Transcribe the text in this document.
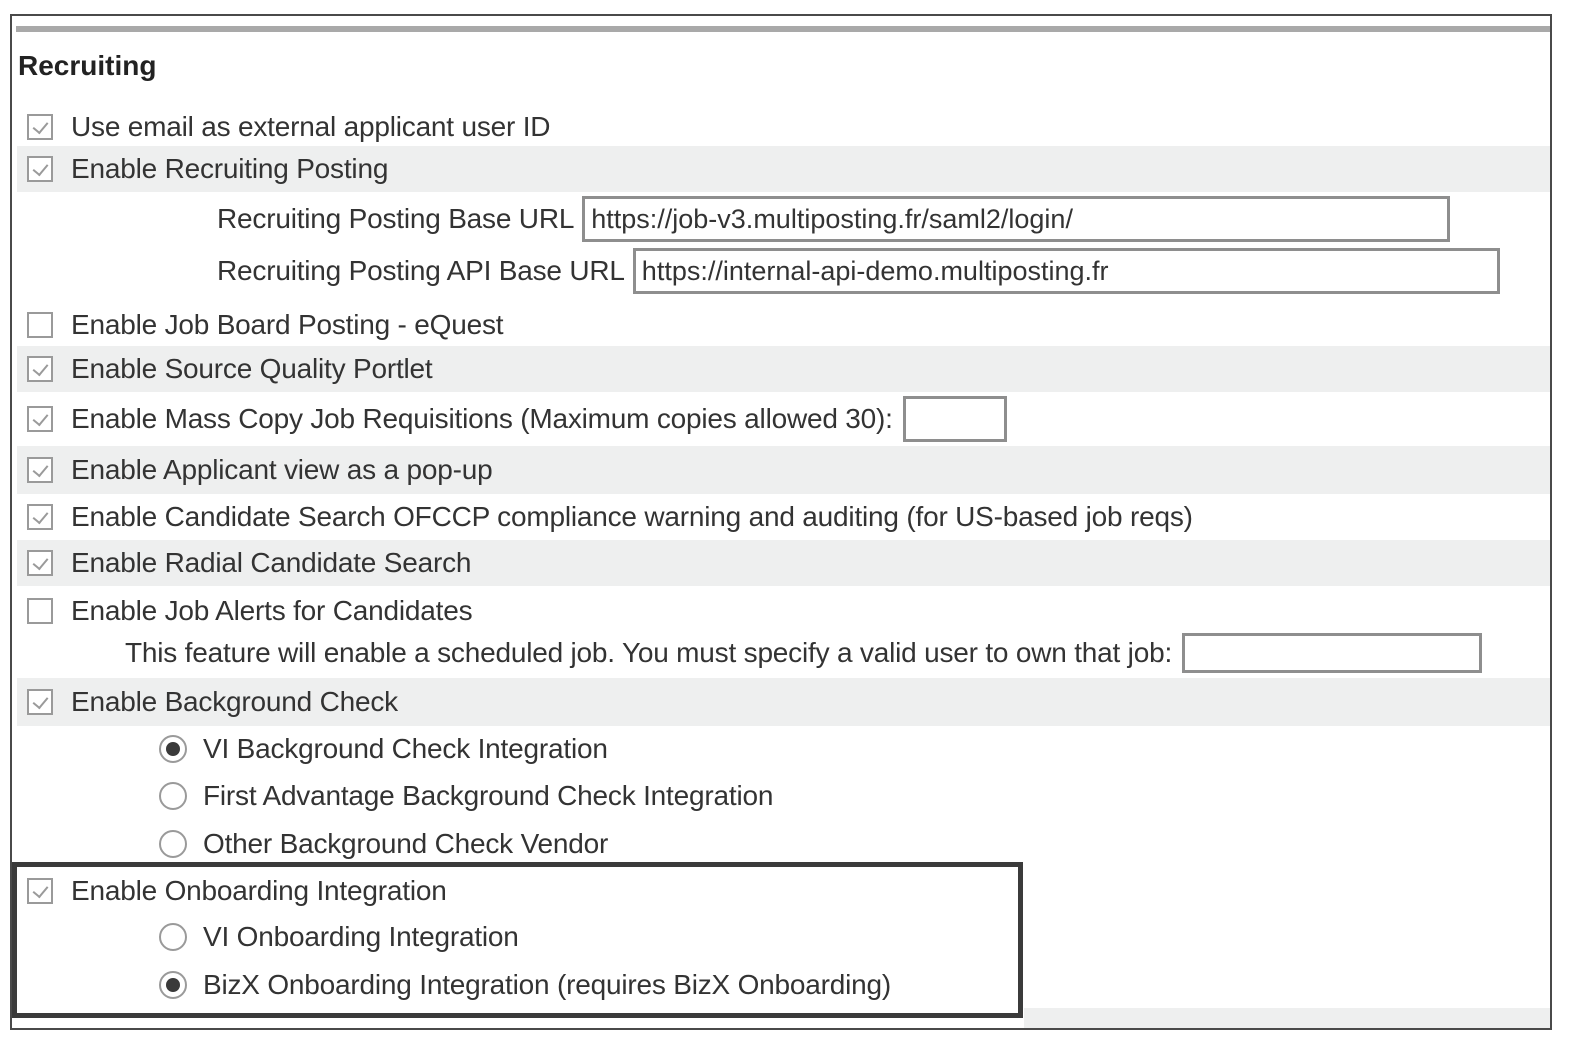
Recruiting
Use email as external applicant user ID
Enable Recruiting Posting
Recruiting Posting Base URL
https://job-v3.multiposting.fr/saml2/login/
Recruiting Posting API Base URL
https://internal-api-demo.multiposting.fr
Enable Job Board Posting - eQuest
Enable Source Quality Portlet
Enable Mass Copy Job Requisitions (Maximum copies allowed 30):
Enable Applicant view as a pop-up
Enable Candidate Search OFCCP compliance warning and auditing (for US-based job reqs)
Enable Radial Candidate Search
Enable Job Alerts for Candidates
This feature will enable a scheduled job. You must specify a valid user to own that job:
Enable Background Check
VI Background Check Integration
First Advantage Background Check Integration
Other Background Check Vendor
Enable Onboarding Integration
VI Onboarding Integration
BizX Onboarding Integration (requires BizX Onboarding)
